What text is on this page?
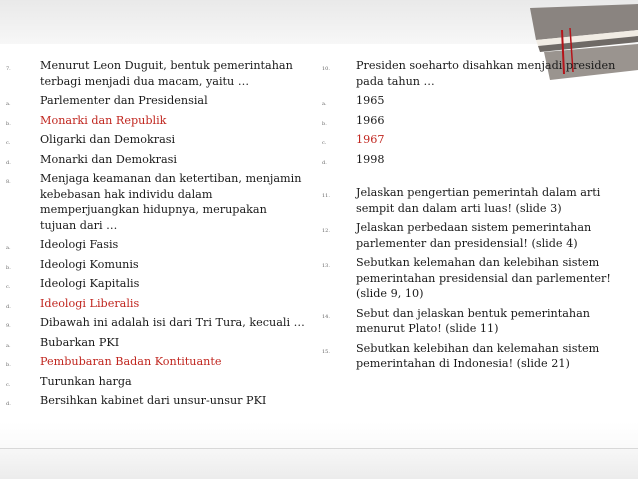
7.	Menurut Leon Duguit, bentuk pemerintahan terbagi menjadi dua macam, yaitu …
a.	Parlementer dan Presidensial
b.	Monarki dan Republik
c.	Oligarki dan Demokrasi
d.	Monarki dan Demokrasi
8.	Menjaga keamanan dan ketertiban, menjamin kebebasan hak individu dalam memperjuangkan hidupnya, merupakan tujuan dari …
a.	Ideologi Fasis
b.	Ideologi Komunis
c.	Ideologi Kapitalis
d.	Ideologi Liberalis
9.	Dibawah ini adalah isi dari Tri Tura, kecuali …
a.	Bubarkan PKI
b.	Pembubaran Badan Kontituante
c.	Turunkan harga
d.	Bersihkan kabinet dari unsur-unsur PKI
10. Presiden soeharto disahkan menjadi presiden pada tahun …
a.	1965
b.	1966
c.	1967
d.	1998
11. Jelaskan pengertian pemerintah dalam arti sempit dan dalam arti luas! (slide 3)
12. Jelaskan perbedaan sistem pemerintahan parlementer dan presidensial! (slide 4)
13. Sebutkan kelemahan dan kelebihan sistem pemerintahan presidensial dan parlementer! (slide 9, 10)
14. Sebut dan jelaskan bentuk pemerintahan menurut Plato! (slide 11)
15. Sebutkan kelebihan dan kelemahan sistem pemerintahan di Indonesia! (slide 21)
